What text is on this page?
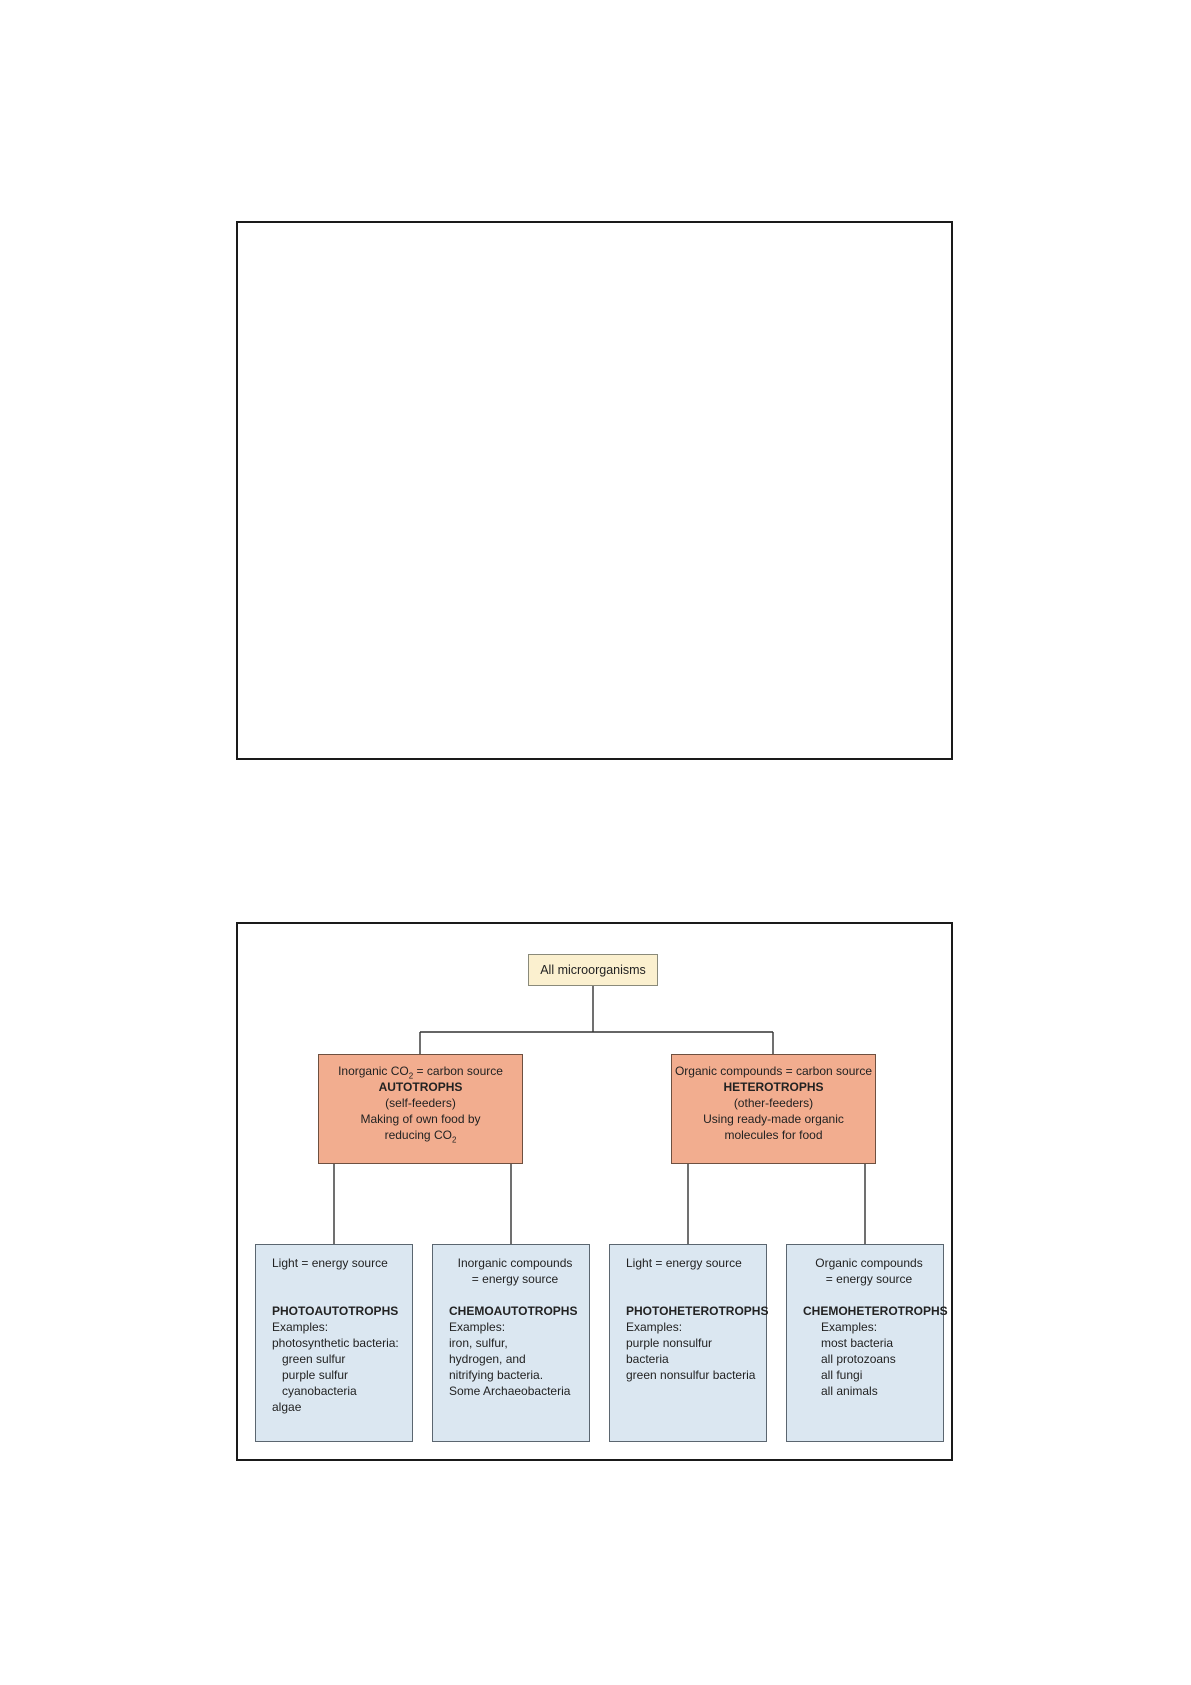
All microorganisms
Inorganic $CO_2$ = carbon source
AUTOTROPHS
(self-feeders)
Making of own food by
reducing $CO_2$
Organic compounds = carbon source
HETEROTROPHS
(other-feeders)
Using ready-made organic
molecules for food
Light = energy source
PHOTOAUTOTROPHS
Examples:
photosynthetic bacteria:
green sulfur
purple sulfur
cyanobacteria
algae
Inorganic compounds
= energy source
CHEMOAUTOTROPHS
Examples:
iron, sulfur,
hydrogen, and
nitrifying bacteria.
Some Archaeobacteria
Light = energy source
PHOTOHETEROTROPHS
Examples:
purple nonsulfur bacteria
green nonsulfur bacteria
Organic compounds
= energy source
CHEMOHETEROTROPHS
Examples:
most bacteria
all protozoans
all fungi
all animals
